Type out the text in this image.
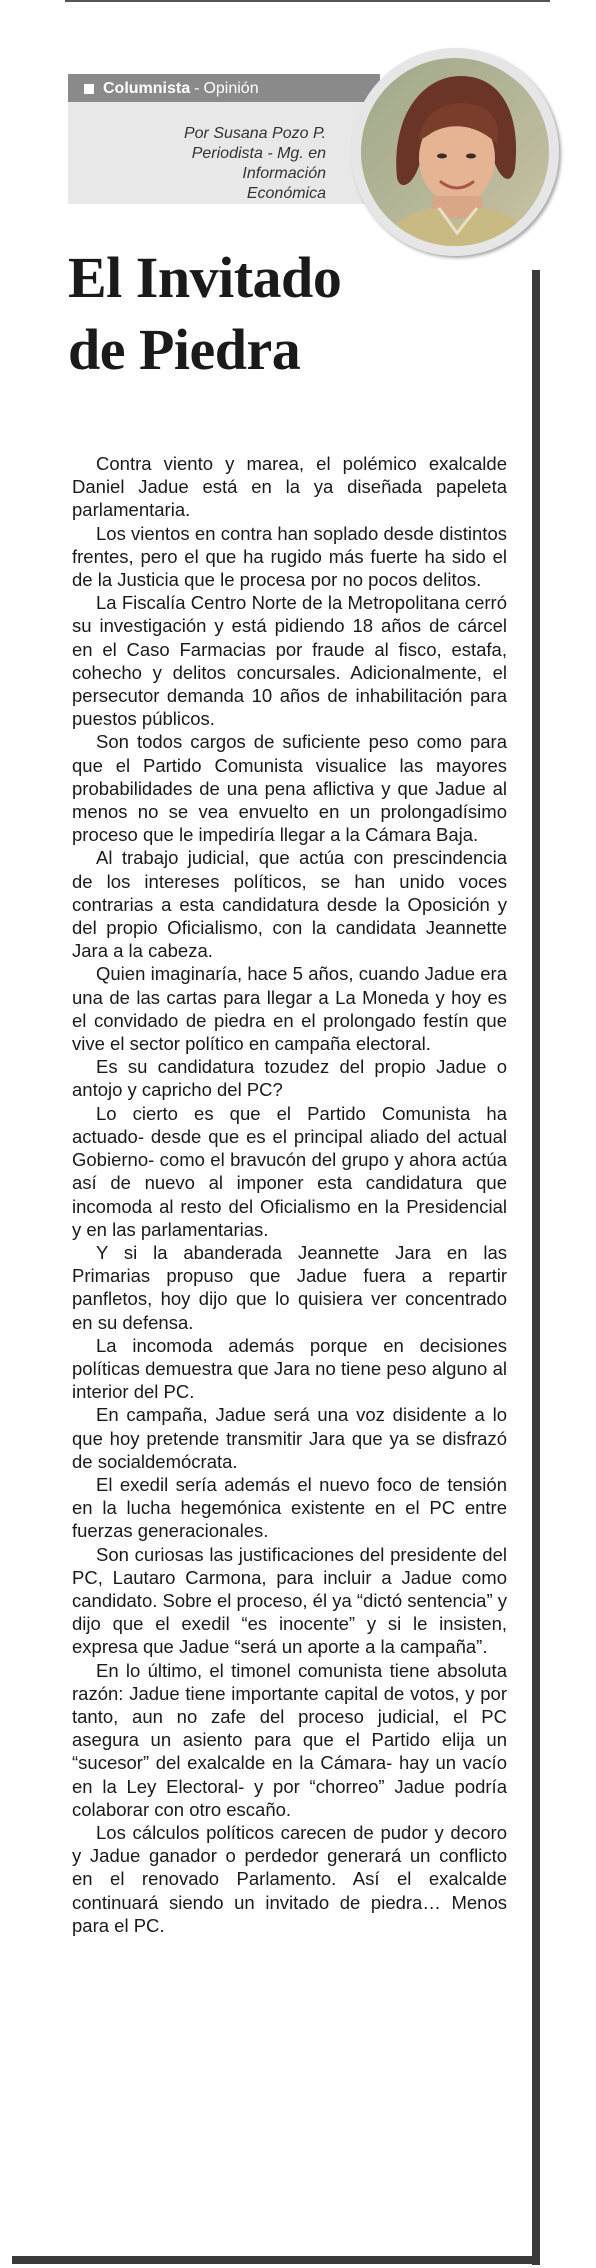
Columnista - Opinión
Por Susana Pozo P.
Periodista - Mg. en Información
Económica
El Invitado
de Piedra

Contra viento y marea, el polémico exalcalde Daniel Jadue está en la ya diseñada papeleta parlamentaria.

Los vientos en contra han soplado desde distintos frentes, pero el que ha rugido más fuerte ha sido el de la Justicia que le procesa por no pocos delitos.

La Fiscalía Centro Norte de la Metropolitana cerró su investigación y está pidiendo 18 años de cárcel en el Caso Farmacias por fraude al fisco, estafa, cohecho y delitos concursales. Adicionalmente, el persecutor demanda 10 años de inhabilitación para puestos públicos.

Son todos cargos de suficiente peso como para que el Partido Comunista visualice las mayores probabilidades de una pena aflictiva y que Jadue al menos no se vea envuelto en un prolongadísimo proceso que le impediría llegar a la Cámara Baja.

Al trabajo judicial, que actúa con prescindencia de los intereses políticos, se han unido voces contrarias a esta candidatura desde la Oposición y del propio Oficialismo, con la candidata Jeannette Jara a la cabeza.

Quien imaginaría, hace 5 años, cuando Jadue era una de las cartas para llegar a La Moneda y hoy es el convidado de piedra en el prolongado festín que vive el sector político en campaña electoral.

Es su candidatura tozudez del propio Jadue o antojo y capricho del PC?

Lo cierto es que el Partido Comunista ha actuado- desde que es el principal aliado del actual Gobierno- como el bravucón del grupo y ahora actúa así de nuevo al imponer esta candidatura que incomoda al resto del Oficialismo en la Presidencial y en las parlamentarias.

Y si la abanderada Jeannette Jara en las Primarias propuso que Jadue fuera a repartir panfletos, hoy dijo que lo quisiera ver concentrado en su defensa.

La incomoda además porque en decisiones políticas demuestra que Jara no tiene peso alguno al interior del PC.

En campaña, Jadue será una voz disidente a lo que hoy pretende transmitir Jara que ya se disfrazó de socialdemócrata.

El exedil sería además el nuevo foco de tensión en la lucha hegemónica existente en el PC entre fuerzas generacionales.

Son curiosas las justificaciones del presidente del PC, Lautaro Carmona, para incluir a Jadue como candidato. Sobre el proceso, él ya “dictó sentencia” y dijo que el exedil “es inocente” y si le insisten, expresa que Jadue “será un aporte a la campaña”.

En lo último, el timonel comunista tiene absoluta razón: Jadue tiene importante capital de votos, y por tanto, aun no zafe del proceso judicial, el PC asegura un asiento para que el Partido elija un “sucesor” del exalcalde en la Cámara- hay un vacío en la Ley Electoral- y por “chorreo” Jadue podría colaborar con otro escaño.

Los cálculos políticos carecen de pudor y decoro y Jadue ganador o perdedor generará un conflicto en el renovado Parlamento. Así el exalcalde continuará siendo un invitado de piedra… Menos para el PC.
